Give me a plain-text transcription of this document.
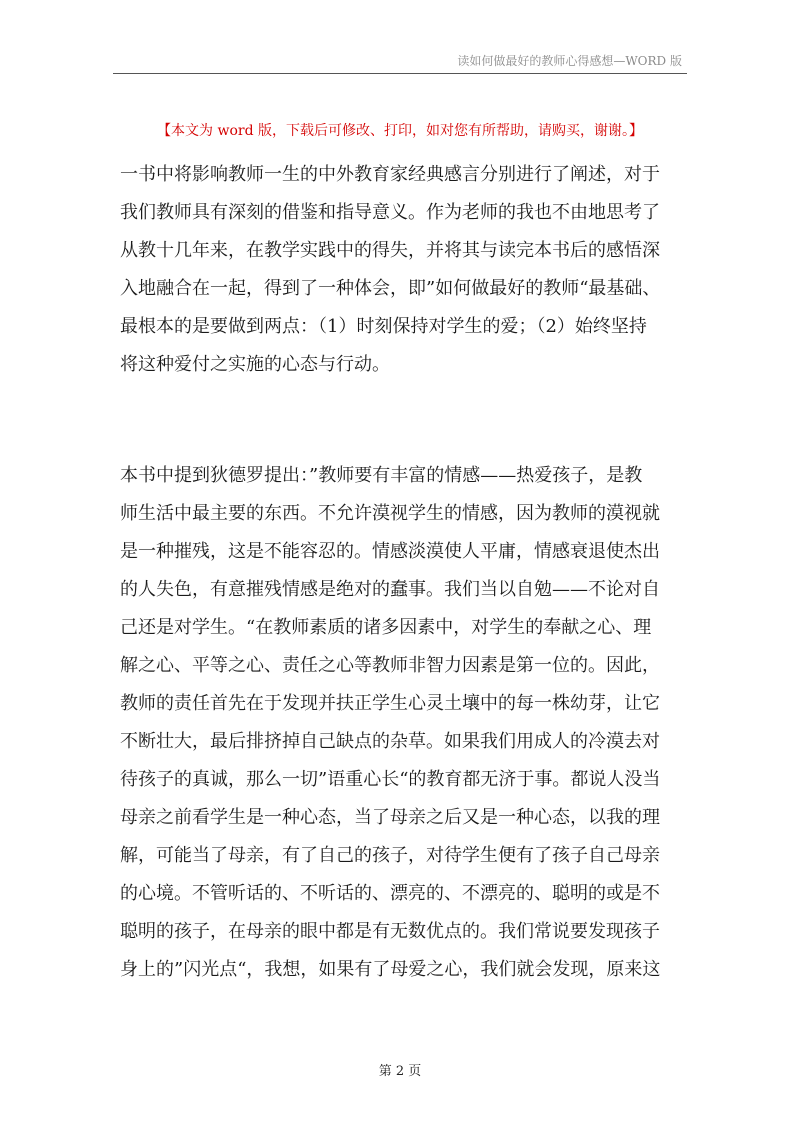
读如何做最好的教师心得感想—WORD 版
【本文为 word 版，下载后可修改、打印，如对您有所帮助，请购买，谢谢。】
一书中将影响教师一生的中外教育家经典感言分别进行了阐述，对于
我们教师具有深刻的借鉴和指导意义。作为老师的我也不由地思考了
从教十几年来，在教学实践中的得失，并将其与读完本书后的感悟深
入地融合在一起，得到了一种体会，即”如何做最好的教师“最基础、
最根本的是要做到两点：（1）时刻保持对学生的爱；（2）始终坚持
将这种爱付之实施的心态与行动。
本书中提到狄德罗提出：”教师要有丰富的情感——热爱孩子，是教
师生活中最主要的东西。不允许漠视学生的情感，因为教师的漠视就
是一种摧残，这是不能容忍的。情感淡漠使人平庸，情感衰退使杰出
的人失色，有意摧残情感是绝对的蠢事。我们当以自勉——不论对自
己还是对学生。“在教师素质的诸多因素中，对学生的奉献之心、理
解之心、平等之心、责任之心等教师非智力因素是第一位的。因此，
教师的责任首先在于发现并扶正学生心灵土壤中的每一株幼芽，让它
不断壮大，最后排挤掉自己缺点的杂草。如果我们用成人的冷漠去对
待孩子的真诚，那么一切”语重心长“的教育都无济于事。都说人没当
母亲之前看学生是一种心态，当了母亲之后又是一种心态，以我的理
解，可能当了母亲，有了自己的孩子，对待学生便有了孩子自己母亲
的心境。不管听话的、不听话的、漂亮的、不漂亮的、聪明的或是不
聪明的孩子，在母亲的眼中都是有无数优点的。我们常说要发现孩子
身上的”闪光点“，我想，如果有了母爱之心，我们就会发现，原来这
第 2 页
